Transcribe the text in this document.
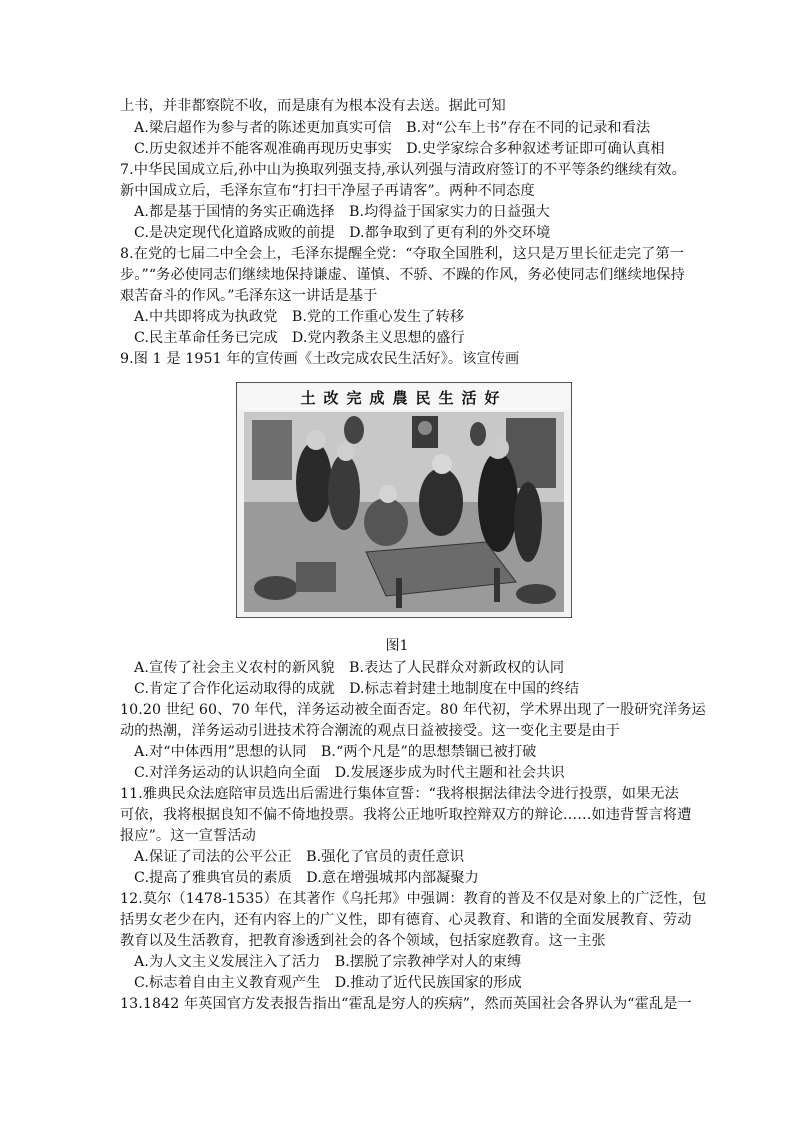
上书，并非都察院不收，而是康有为根本没有去送。据此可知
A.梁启超作为参与者的陈述更加真实可信　B.对“公车上书”存在不同的记录和看法
C.历史叙述并不能客观准确再现历史事实　D.史学家综合多种叙述考证即可确认真相
7.中华民国成立后,孙中山为换取列强支持,承认列强与清政府签订的不平等条约继续有效。
新中国成立后，毛泽东宣布“打扫干净屋子再请客”。两种不同态度
A.都是基于国情的务实正确选择　B.均得益于国家实力的日益强大
C.是决定现代化道路成败的前提　D.都争取到了更有利的外交环境
8.在党的七届二中全会上，毛泽东提醒全党：“夺取全国胜利，这只是万里长征走完了第一
步。”“务必使同志们继续地保持谦虚、谨慎、不骄、不躁的作风，务必使同志们继续地保持
艰苦奋斗的作风。”毛泽东这一讲话是基于
A.中共即将成为执政党　B.党的工作重心发生了转移
C.民主革命任务已完成　D.党内教条主义思想的盛行
9.图 1 是 1951 年的宣传画《土改完成农民生活好》。该宣传画
土改完成農民生活好
图1
A.宣传了社会主义农村的新风貌　B.表达了人民群众对新政权的认同
C.肯定了合作化运动取得的成就　D.标志着封建土地制度在中国的终结
10.20 世纪 60、70 年代，洋务运动被全面否定。80 年代初，学术界出现了一股研究洋务运
动的热潮，洋务运动引进技术符合潮流的观点日益被接受。这一变化主要是由于
A.对“中体西用”思想的认同　B.“两个凡是”的思想禁锢已被打破
C.对洋务运动的认识趋向全面　D.发展逐步成为时代主题和社会共识
11.雅典民众法庭陪审员选出后需进行集体宣誓：“我将根据法律法令进行投票，如果无法
可依，我将根据良知不偏不倚地投票。我将公正地听取控辩双方的辩论……如违背誓言将遭
报应”。这一宣誓活动
A.保证了司法的公平公正　B.强化了官员的责任意识
C.提高了雅典官员的素质　D.意在增强城邦内部凝聚力
12.莫尔（1478-1535）在其著作《乌托邦》中强调：教育的普及不仅是对象上的广泛性，包
括男女老少在内，还有内容上的广义性，即有德育、心灵教育、和谐的全面发展教育、劳动
教育以及生活教育，把教育渗透到社会的各个领域，包括家庭教育。这一主张
A.为人文主义发展注入了活力　B.摆脱了宗教神学对人的束缚
C.标志着自由主义教育观产生　D.推动了近代民族国家的形成
13.1842 年英国官方发表报告指出“霍乱是穷人的疾病”，然而英国社会各界认为“霍乱是一
